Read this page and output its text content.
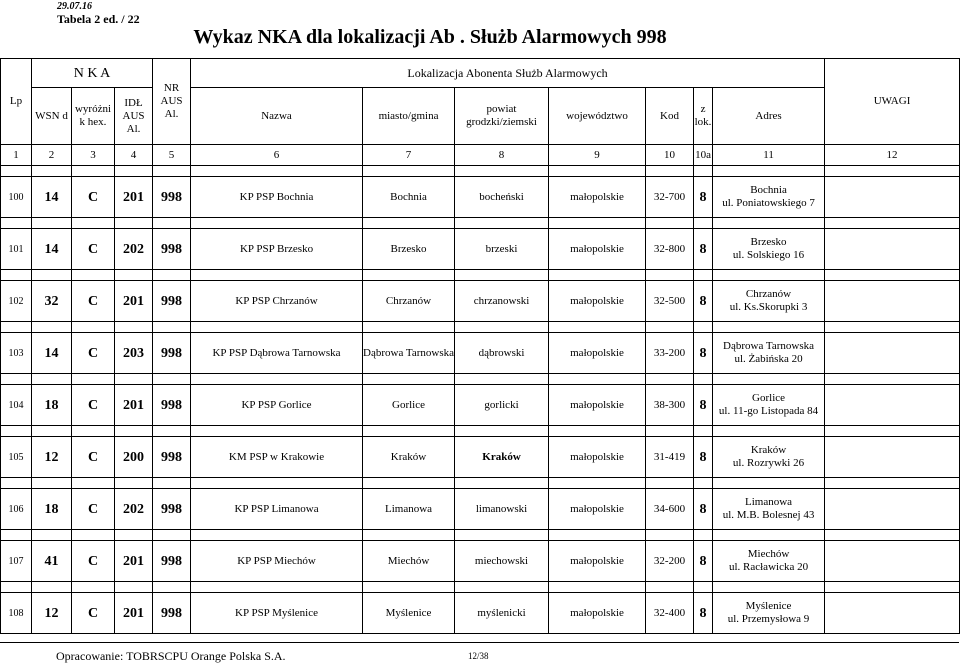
29.07.16
Tabela 2 ed. / 22
Wykaz NKA dla lokalizacji Ab . Służb Alarmowych 998
Lp	N K A			NR
AUS
Al.	Lokalizacja Abonenta Służb Alarmowych							UWAGI
	WSN d	wyróżni
k hex.	IDŁ
AUS
Al.		Nazwa	miasto/gmina	powiat
grodzki/ziemski	województwo	Kod	z
lok.	Adres	
1	2	3	4	5	6	7	8	9	10	10a	11	12

100	14	C	201	998	KP PSP Bochnia	Bochnia	bocheński	małopolskie	32-700	8	Bochnia
ul. Poniatowskiego 7	

101	14	C	202	998	KP PSP Brzesko	Brzesko	brzeski	małopolskie	32-800	8	Brzesko
ul. Solskiego 16	

102	32	C	201	998	KP PSP Chrzanów	Chrzanów	chrzanowski	małopolskie	32-500	8	Chrzanów
ul. Ks.Skorupki 3	

103	14	C	203	998	KP PSP Dąbrowa Tarnowska	Dąbrowa Tarnowska	dąbrowski	małopolskie	33-200	8	Dąbrowa Tarnowska
ul. Żabińska 20	

104	18	C	201	998	KP PSP Gorlice	Gorlice	gorlicki	małopolskie	38-300	8	Gorlice
ul. 11-go Listopada 84	

105	12	C	200	998	KM PSP w Krakowie	Kraków	Kraków	małopolskie	31-419	8	Kraków
ul. Rozrywki 26	

106	18	C	202	998	KP PSP Limanowa	Limanowa	limanowski	małopolskie	34-600	8	Limanowa
ul. M.B. Bolesnej 43	

107	41	C	201	998	KP PSP Miechów	Miechów	miechowski	małopolskie	32-200	8	Miechów
ul. Racławicka 20	

108	12	C	201	998	KP PSP Myślenice	Myślenice	myślenicki	małopolskie	32-400	8	Myślenice
ul. Przemysłowa 9	

Opracowanie: TOBRSCPU Orange Polska S.A.	12/38
